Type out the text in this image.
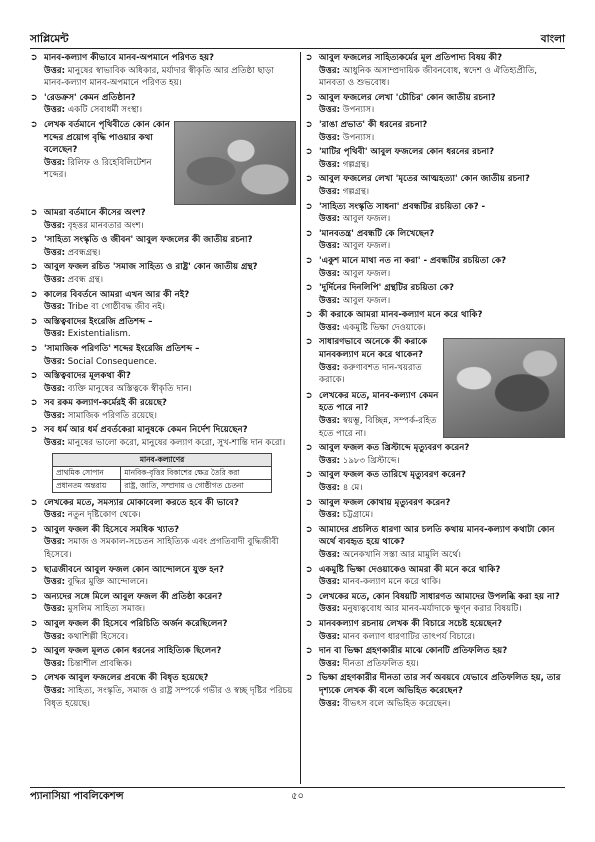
সাপ্লিমেন্ট	বাংলা
➲ মানব-কল্যাণ কীভাবে মানব-অপমানে পরিণত হয়?
উত্তর: মানুষের স্বাভাবিক অধিকার, মর্যাদার স্বীকৃতি আর প্রতিষ্ঠা ছাড়া মানব-কল্যাণ মানব-অপমানে পরিণত হয়।
➲ 'রেডক্রস' কেমন প্রতিষ্ঠান?
উত্তর: একটি সেবাধর্মী সংস্থা।
➲ লেখক বর্তমানে পৃথিবীতে কোন কোন শব্দের প্রয়োগ বৃদ্ধি পাওয়ার কথা বলেছেন?
উত্তর: রিলিফ ও রিহেবিলিটেশন শব্দের।
➲ আমরা বর্তমানে কীসের অংশ?
উত্তর: বৃহত্তর মানবতার অংশ।
➲ 'সাহিত্য সংস্কৃতি ও জীবন' আবুল ফজলের কী জাতীয় রচনা?
উত্তর: প্রবন্ধগ্রন্থ।
➲ আবুল ফজল রচিত 'সমাজ সাহিত্য ও রাষ্ট্র' কোন জাতীয় গ্রন্থ?
উত্তর: প্রবন্ধ গ্রন্থ।
➲ কালের বিবর্তনে আমরা এখন আর কী নই?
উত্তর: Tribe বা গোষ্ঠীবদ্ধ জীব নই।
➲ অস্তিত্ববাদের ইংরেজি প্রতিশব্দ –
উত্তর: Existentialism.
➲ 'সামাজিক পরিণতি' শব্দের ইংরেজি প্রতিশব্দ –
উত্তর: Social Consequence.
➲ অস্তিত্ববাদের মূলকথা কী?
উত্তর: ব্যক্তি মানুষের অস্তিত্বকে স্বীকৃতি দান।
➲ সব রকম কল্যাণ-কর্মেরই কী রয়েছে?
উত্তর: সামাজিক পরিণতি রয়েছে।
➲ সব ধর্ম আর ধর্ম প্রবর্তকেরা মানুষকে কেমন নির্দেশ দিয়েছেন?
উত্তর: মানুষের ভালো করো, মানুষের কল্যাণ করো, সুখ-শান্তি দান করো।
মানব-কল্যাণের	
প্রাথমিক সোপান	মানবিক-বৃত্তির বিকাশের ক্ষেত্র তৈরি করা
প্রধানতম অন্তরায়	রাষ্ট্র, জাতি, সম্প্রদায় ও গোষ্ঠীগত চেতনা
➲ লেখকের মতে, সমস্যার মোকাবেলা করতে হবে কী ভাবে?
উত্তর: নতুন দৃষ্টিকোণ থেকে।
➲ আবুল ফজল কী হিসেবে সমধিক খ্যাত?
উত্তর: সমাজ ও সমকাল-সচেতন সাহিত্যিক এবং প্রগতিবাদী বুদ্ধিজীবী হিসেবে।
➲ ছাত্রজীবনে আবুল ফজল কোন আন্দোলনে যুক্ত হন?
উত্তর: বুদ্ধির মুক্তি আন্দোলনে।
➲ অন্যদের সঙ্গে মিলে আবুল ফজল কী প্রতিষ্ঠা করেন?
উত্তর: মুসলিম সাহিত্য সমাজ।
➲ আবুল ফজল কী হিসেবে পরিচিতি অর্জন করেছিলেন?
উত্তর: কথাশিল্পী হিসেবে।
➲ আবুল ফজল মূলত কোন ধরনের সাহিত্যিক ছিলেন?
উত্তর: চিন্তাশীল প্রাবন্ধিক।
➲ লেখক আবুল ফজলের প্রবন্ধে কী বিধৃত হয়েছে?
উত্তর: সাহিত্য, সংস্কৃতি, সমাজ ও রাষ্ট্র সম্পর্কে গভীর ও স্বচ্ছ দৃষ্টির পরিচয় বিধৃত হয়েছে।
➲ আবুল ফজলের সাহিত্যকর্মের মূল প্রতিপাদ্য বিষয় কী?
উত্তর: আধুনিক অসাম্প্রদায়িক জীবনবোধ, স্বদেশ ও ঐতিহ্যপ্রীতি, মানবতা ও শুভবোধ।
➲ আবুল ফজলের লেখা 'চৌচির' কোন জাতীয় রচনা?
উত্তর: উপন্যাস।
➲ 'রাঙা প্রভাত' কী ধরনের রচনা?
উত্তর: উপন্যাস।
➲ 'মাটির পৃথিবী' আবুল ফজলের কোন ধরনের রচনা?
উত্তর: গল্পগ্রন্থ।
➲ আবুল ফজলের লেখা 'মৃতের আত্মহত্যা' কোন জাতীয় রচনা?
উত্তর: গল্পগ্রন্থ।
➲ 'সাহিত্য সংস্কৃতি সাধনা' প্রবন্ধটির রচয়িতা কে? -
উত্তর: আবুল ফজল।
➲ 'মানবতন্ত্র' প্রবন্ধটি কে লিখেছেন?
উত্তর: আবুল ফজল।
➲ 'একুশ মানে মাথা নত না করা' - প্রবন্ধটির রচয়িতা কে?
উত্তর: আবুল ফজল।
➲ 'দুর্দিনের দিনলিপি' গ্রন্থটির রচয়িতা কে?
উত্তর: আবুল ফজল।
➲ কী করাকে আমরা মানব-কল্যাণ মনে করে থাকি?
উত্তর: একমুষ্টি ভিক্ষা দেওয়াকে।
➲ সাধারণভাবে অনেকে কী করাকে মানবকল্যাণ মনে করে থাকেন?
উত্তর: করুণাবশত দান-খয়রাত করাকে।
➲ লেখকের মতে, মানব-কল্যাণ কেমন হতে পারে না?
উত্তর: স্বয়ম্ভূ, বিচ্ছিন্ন, সম্পর্ক-রহিত হতে পারে না।
➲ আবুল ফজল কত খ্রিস্টাব্দে মৃত্যুবরণ করেন?
উত্তর: ১৯৮৩ খ্রিস্টাব্দে।
➲ আবুল ফজল কত তারিখে মৃত্যুবরণ করেন?
উত্তর: ৪ মে।
➲ আবুল ফজল কোথায় মৃত্যুবরণ করেন?
উত্তর: চট্টগ্রামে।
➲ আমাদের প্রচলিত ধারণা আর চলতি কথায় মানব-কল্যাণ কথাটা কোন অর্থে ব্যবহৃত হয়ে থাকে?
উত্তর: অনেকখানি সস্তা আর মামুলি অর্থে।
➲ একমুষ্টি ভিক্ষা দেওয়াকেও আমরা কী মনে করে থাকি?
উত্তর: মানব-কল্যাণ মনে করে থাকি।
➲ লেখকের মতে, কোন বিষয়টি সাধারণত আমাদের উপলব্ধি করা হয় না?
উত্তর: মনুষ্যত্ববোধ আর মানব-মর্যাদাকে ক্ষুণ্ন করার বিষয়টি।
➲ মানবকল্যাণ রচনায় লেখক কী বিচারে সচেষ্ট হয়েছেন?
উত্তর: মানব কল্যাণ ধারণাটির তাৎপর্য বিচারে।
➲ দান বা ভিক্ষা গ্রহণকারীর মাঝে কোনটি প্রতিফলিত হয়?
উত্তর: দীনতা প্রতিফলিত হয়।
➲ ভিক্ষা গ্রহণকারীর দীনতা তার সর্ব অবয়বে যেভাবে প্রতিফলিত হয়, তার দৃশ্যকে লেখক কী বলে অভিহিত করেছেন?
উত্তর: বীভৎস বলে অভিহিত করেছেন।
প্যানাসিয়া পাবলিকেশন্স	৫০
